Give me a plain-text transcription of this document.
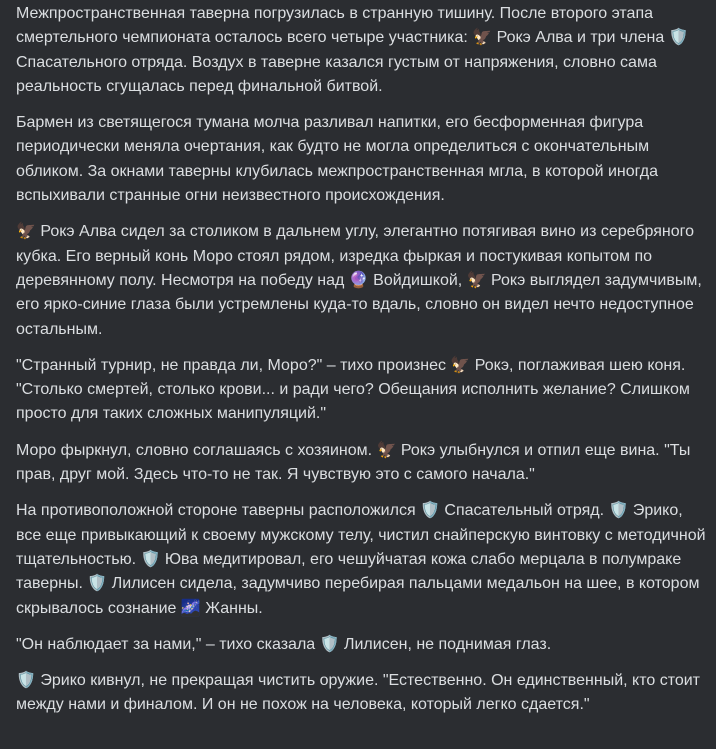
Межпространственная таверна погрузилась в странную тишину. После второго этапа смертельного чемпионата осталось всего четыре участника: 🦅 Рокэ Алва и три члена 🛡️ Спасательного отряда. Воздух в таверне казался густым от напряжения, словно сама реальность сгущалась перед финальной битвой.

Бармен из светящегося тумана молча разливал напитки, его бесформенная фигура периодически меняла очертания, как будто не могла определиться с окончательным обликом. За окнами таверны клубилась межпространственная мгла, в которой иногда вспыхивали странные огни неизвестного происхождения.

🦅 Рокэ Алва сидел за столиком в дальнем углу, элегантно потягивая вино из серебряного кубка. Его верный конь Моро стоял рядом, изредка фыркая и постукивая копытом по деревянному полу. Несмотря на победу над 🔮 Войдишкой, 🦅 Рокэ выглядел задумчивым, его ярко-синие глаза были устремлены куда-то вдаль, словно он видел нечто недоступное остальным.

"Странный турнир, не правда ли, Моро?" – тихо произнес 🦅 Рокэ, поглаживая шею коня. "Столько смертей, столько крови... и ради чего? Обещания исполнить желание? Слишком просто для таких сложных манипуляций."

Моро фыркнул, словно соглашаясь с хозяином. 🦅 Рокэ улыбнулся и отпил еще вина. "Ты прав, друг мой. Здесь что-то не так. Я чувствую это с самого начала."

На противоположной стороне таверны расположился 🛡️ Спасательный отряд. 🛡️ Эрико, все еще привыкающий к своему мужскому телу, чистил снайперскую винтовку с методичной тщательностью. 🛡️ Юва медитировал, его чешуйчатая кожа слабо мерцала в полумраке таверны. 🛡️ Лилисен сидела, задумчиво перебирая пальцами медальон на шее, в котором скрывалось сознание 🌌 Жанны.

"Он наблюдает за нами," – тихо сказала 🛡️ Лилисен, не поднимая глаз.

🛡️ Эрико кивнул, не прекращая чистить оружие. "Естественно. Он единственный, кто стоит между нами и финалом. И он не похож на человека, который легко сдается."
